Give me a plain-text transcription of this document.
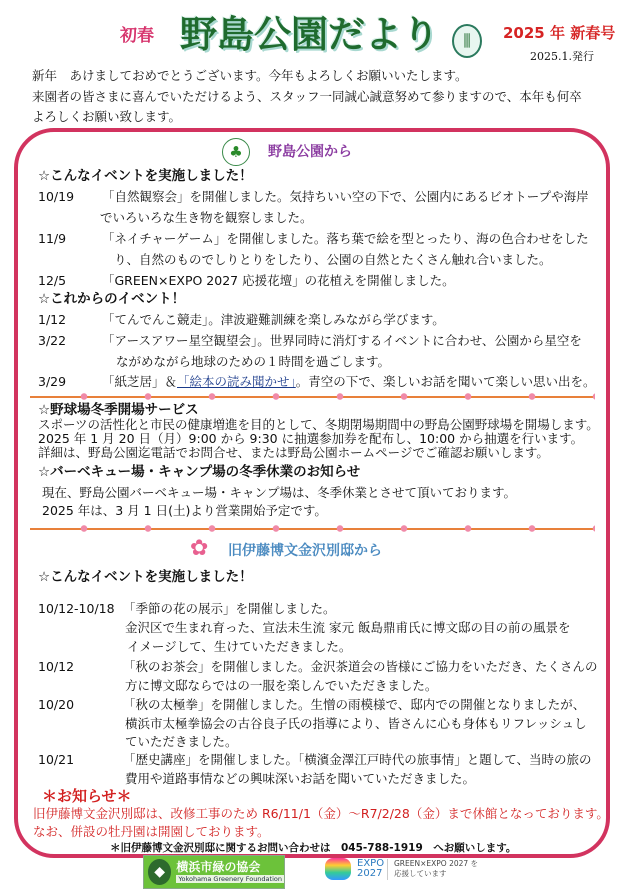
初春 野島公園だより	⫼	2025 年 新春号
2025.1.発行
新年　あけましておめでとうございます。今年もよろしくお願いいたします。
来園者の皆さまに喜んでいただけるよう、スタッフ一同誠心誠意努めて参りますので、本年も何卒
よろしくお願い致します。
♣	野島公園から
☆こんなイベントを実施しました！
10/19 「自然観察会」を開催しました。気持ちいい空の下で、公園内にあるビオトープや海岸
でいろいろな生き物を観察しました。
11/9	「ネイチャーゲーム」を開催しました。落ち葉で絵を型とったり、海の色合わせをした
り、自然のものでしりとりをしたり、公園の自然とたくさん触れ合いました。
12/5	「GREEN×EXPO 2027 応援花壇」の花植えを開催しました。
☆これからのイベント！
1/12	「てんでんこ競走」。津波避難訓練を楽しみながら学びます。
3/22	「アースアワー星空観望会」。世界同時に消灯するイベントに合わせ、公園から星空を
ながめながら地球のための１時間を過ごします。
3/29	「紙芝居」＆「絵本の読み聞かせ」。青空の下で、楽しいお話を聞いて楽しい思い出を。
☆野球場冬季開場サービス
スポーツの活性化と市民の健康増進を目的として、冬期閉場期間中の野島公園野球場を開場します。
2025 年 1 月 20 日（月）9:00 から 9:30 に抽選参加券を配布し、10:00 から抽選を行います。
詳細は、野島公園迄電話でお問合せ、または野島公園ホームページでご確認お願いします。
☆バーベキュー場・キャンプ場の冬季休業のお知らせ
現在、野島公園バーベキュー場・キャンプ場は、冬季休業とさせて頂いております。
2025 年は、3 月 1 日(土)より営業開始予定です。
✿ 旧伊藤博文金沢別邸から
☆こんなイベントを実施しました！
10/12-10/18 「季節の花の展示」を開催しました。
金沢区で生まれ育った、宣法未生流 家元 飯島鼎甫氏に博文邸の目の前の風景を
イメージして、生けていただきました。
10/12	「秋のお茶会」を開催しました。金沢茶道会の皆様にご協力をいただき、たくさんの
方に博文邸ならではの一服を楽しんでいただきました。
10/20	「秋の太極拳」を開催しました。生憎の雨模様で、邸内での開催となりましたが、
横浜市太極拳協会の古谷良子氏の指導により、皆さんに心も身体もリフレッシュし
ていただきました。
10/21	「歴史講座」を開催しました。「横濱金澤江戸時代の旅事情」と題して、当時の旅の
費用や道路事情などの興味深いお話を聞いていただきました。
＊お知らせ＊
旧伊藤博文金沢別邸は、改修工事のため R6/11/1（金）～R7/2/28（金）まで休館となっております。
なお、併設の牡丹園は開園しております。
＊旧伊藤博文金沢別邸に関するお問い合わせは　045-788-1919　へお願いします。
◆ 横浜市緑の協会
Yokohama Greenery Foundation
EXPO 2027
GREEN×EXPO 2027 を
応援しています
